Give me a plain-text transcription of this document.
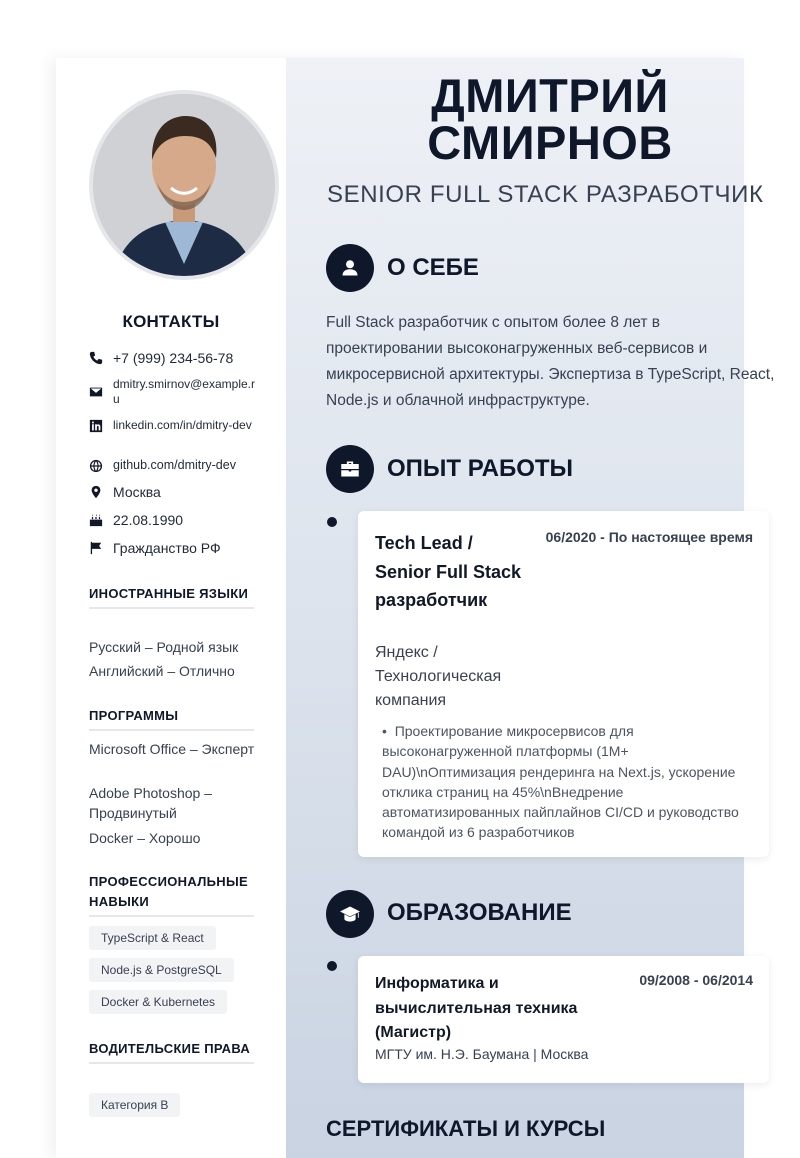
КОНТАКТЫ
+7 (999) 234-56-78
dmitry.smirnov@example.ru
linkedin.com/in/dmitry-dev
github.com/dmitry-dev
Москва
22.08.1990
Гражданство РФ
ИНОСТРАННЫЕ ЯЗЫКИ
Русский – Родной язык
Английский – Отлично
ПРОГРАММЫ
Microsoft Office – Эксперт
Adobe Photoshop – Продвинутый
Docker – Хорошо
ПРОФЕССИОНАЛЬНЫЕ НАВЫКИ
TypeScript & React
Node.js & PostgreSQL
Docker & Kubernetes
ВОДИТЕЛЬСКИЕ ПРАВА
Категория B
ДМИТРИЙ
СМИРНОВ
SENIOR FULL STACK РАЗРАБОТЧИК
О СЕБЕ
Full Stack разработчик с опытом более 8 лет в проектировании высоконагруженных веб-сервисов и микросервисной архитектуры. Экспертиза в TypeScript, React, Node.js и облачной инфраструктуре.
ОПЫТ РАБОТЫ
Tech Lead / Senior Full Stack разработчик
06/2020 - По настоящее время
Яндекс / Технологическая компания
•  Проектирование микросервисов для высоконагруженной платформы (1M+ DAU)\nОптимизация рендеринга на Next.js, ускорение отклика страниц на 45%\nВнедрение автоматизированных пайплайнов CI/CD и руководство командой из 6 разработчиков
ОБРАЗОВАНИЕ
Информатика и вычислительная техника (Магистр)
09/2008 - 06/2014
МГТУ им. Н.Э. Баумана | Москва
СЕРТИФИКАТЫ И КУРСЫ
